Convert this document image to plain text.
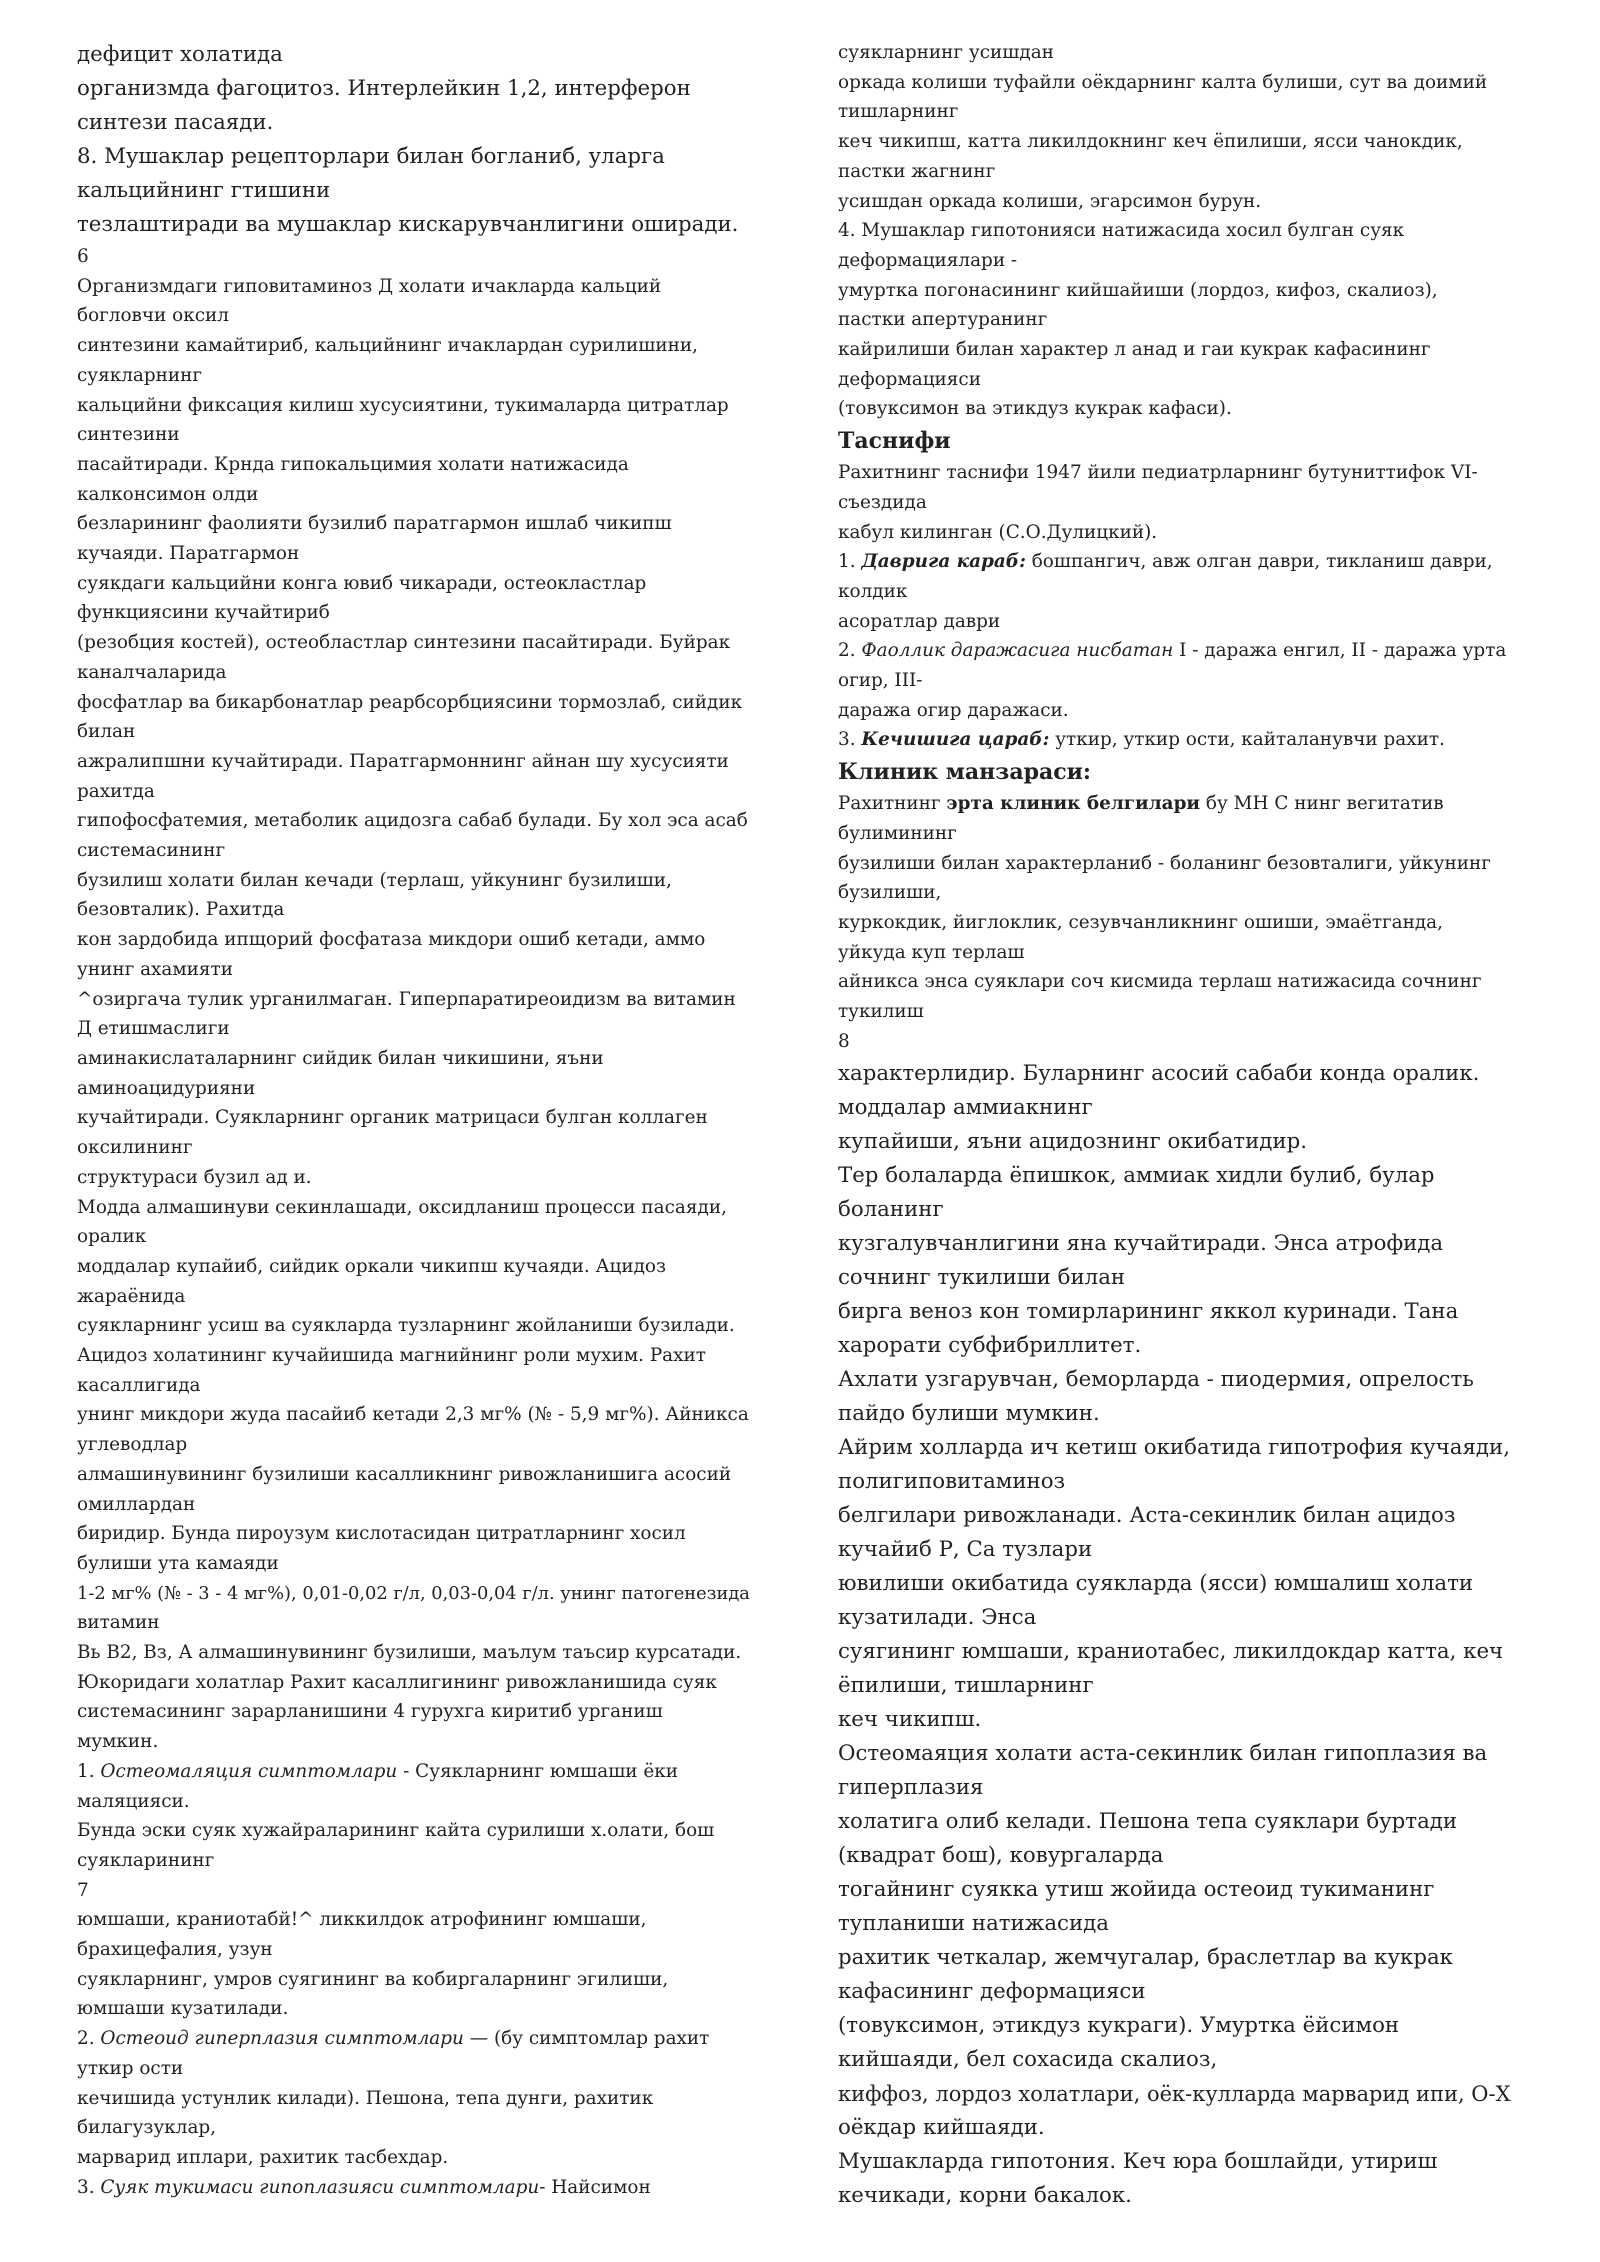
дефицит холатида
организмда фагоцитоз. Интерлейкин 1,2, интерферон
синтези пасаяди.
8. Мушаклар рецепторлари билан богланиб, уларга
кальцийнинг гтишини
тезлаштиради ва мушаклар кискарувчанлигини оширади.
6
Организмдаги гиповитаминоз Д холати ичакларда кальций
богловчи оксил
синтезини камайтириб, кальцийнинг ичаклардан сурилишини,
суякларнинг
кальцийни фиксация килиш хусусиятини, тукималарда цитратлар
синтезини
пасайтиради. Крнда гипокальцимия холати натижасида
калконсимон олди
безларининг фаолияти бузилиб паратгармон ишлаб чикипш
кучаяди. Паратгармон
суякдаги кальцийни конга ювиб чикаради, остеокластлар
функциясини кучайтириб
(резобция костей), остеобластлар синтезини пасайтиради. Буйрак
каналчаларида
фосфатлар ва бикарбонатлар реарбсорбциясини тормозлаб, сийдик
билан
ажралипшни кучайтиради. Паратгармоннинг айнан шу хусусияти
рахитда
гипофосфатемия, метаболик ацидозга сабаб булади. Бу хол эса асаб
системасининг
бузилиш холати билан кечади (терлаш, уйкунинг бузилиши,
безовталик). Рахитда
кон зардобида ипщорий фосфатаза микдори ошиб кетади, аммо
унинг ахамияти
^озиргача тулик урганилмаган. Гиперпаратиреоидизм ва витамин
Д етишмаслиги
аминакислаталарнинг сийдик билан чикишини, яъни
аминоацидурияни
кучайтиради. Суякларнинг органик матрицаси булган коллаген
оксилининг
структураси бузил ад и.
Модда алмашинуви секинлашади, оксидланиш процесси пасаяди,
оралик
моддалар купайиб, сийдик оркали чикипш кучаяди. Ацидоз
жараёнида
суякларнинг усиш ва суякларда тузларнинг жойланиши бузилади.
Ацидоз холатининг кучайишида магнийнинг роли мухим. Рахит
касаллигида
унинг микдори жуда пасайиб кетади 2,3 мг% (№ - 5,9 мг%). Айникса
углеводлар
алмашинувининг бузилиши касалликнинг ривожланишига асосий
омиллардан
биридир. Бунда пироузум кислотасидан цитратларнинг хосил
булиши ута камаяди
1-2 мг% (№ - 3 - 4 мг%), 0,01-0,02 г/л, 0,03-0,04 г/л. унинг патогенезида
витамин
Вь В2, Вз, А алмашинувининг бузилиши, маълум таъсир курсатади.
Юкоридаги холатлар Рахит касаллигининг ривожланишида суяк
системасининг зарарланишини 4 гурухга киритиб урганиш
мумкин.
1. Остеомаляция симптомлари - Суякларнинг юмшаши ёки
маляцияси.
Бунда эски суяк хужайраларининг кайта сурилиши х.олати, бош
суякларининг
7
юмшаши, краниотабй!^ ликкилдок атрофининг юмшаши,
брахицефалия, узун
суякларнинг, умров суягининг ва кобиргаларнинг эгилиши,
юмшаши кузатилади.
2. Остеоид гиперплазия симптомлари — (бу симптомлар рахит
уткир ости
кечишида устунлик килади). Пешона, тепа дунги, рахитик
билагузуклар,
марварид иплари, рахитик тасбехдар.
3. Суяк тукимаси гипоплазияси симптомлари- Найсимон
суякларнинг усишдан
оркада колиши туфайли оёкдарнинг калта булиши, сут ва доимий
тишларнинг
кеч чикипш, катта ликилдокнинг кеч ёпилиши, ясси чанокдик,
пастки жагнинг
усишдан оркада колиши, эгарсимон бурун.
4. Мушаклар гипотонияси натижасида хосил булган суяк
деформациялари -
умуртка погонасининг кийшайиши (лордоз, кифоз, скалиоз),
пастки апертуранинг
кайрилиши билан характер л анад и гаи кукрак кафасининг
деформацияси
(товуксимон ва этикдуз кукрак кафаси).
Таснифи
Рахитнинг таснифи 1947 йили педиатрларнинг бутуниттифок VI-
съездида
кабул килинган (С.О.Дулицкий).
1. Даврига караб: бошпангич, авж олган даври, тикланиш даври,
колдик
асоратлар даври
2. Фаоллик даражасига нисбатан I - даража енгил, II - даража урта
огир, III-
даража огир даражаси.
3. Кечишига цараб: уткир, уткир ости, кайталанувчи рахит.
Клиник манзараси:
Рахитнинг эрта клиник белгилари бу МН С нинг вегитатив
булимининг
бузилиши билан характерланиб - боланинг безовталиги, уйкунинг
бузилиши,
куркокдик, йиглоклик, сезувчанликнинг ошиши, эмаётганда,
уйкуда куп терлаш
айникса энса суяклари соч кисмида терлаш натижасида сочнинг
тукилиш
8
характерлидир. Буларнинг асосий сабаби конда оралик.
моддалар аммиакнинг
купайиши, яъни ацидознинг окибатидир.
Тер болаларда ёпишкок, аммиак хидли булиб, булар
боланинг
кузгалувчанлигини яна кучайтиради. Энса атрофида
сочнинг тукилиши билан
бирга веноз кон томирларининг яккол куринади. Тана
харорати субфибриллитет.
Ахлати узгарувчан, беморларда - пиодермия, опрелость
пайдо булиши мумкин.
Айрим холларда ич кетиш окибатида гипотрофия кучаяди,
полигиповитаминоз
белгилари ривожланади. Аста-секинлик билан ацидоз
кучайиб Р, Са тузлари
ювилиши окибатида суякларда (ясси) юмшалиш холати
кузатилади. Энса
суягининг юмшаши, краниотабес, ликилдокдар катта, кеч
ёпилиши, тишларнинг
кеч чикипш.
Остеомаяция холати аста-секинлик билан гипоплазия ва
гиперплазия
холатига олиб келади. Пешона тепа суяклари буртади
(квадрат бош), ковургаларда
тогайнинг суякка утиш жойида остеоид тукиманинг
тупланиши натижасида
рахитик четкалар, жемчугалар, браслетлар ва кукрак
кафасининг деформацияси
(товуксимон, этикдуз кукраги). Умуртка ёйсимон
кийшаяди, бел сохасида скалиоз,
киффоз, лордоз холатлари, оёк-кулларда марварид ипи, О-Х
оёкдар кийшаяди.
Мушакларда гипотония. Кеч юра бошлайди, утириш
кечикади, корни бакалок.
